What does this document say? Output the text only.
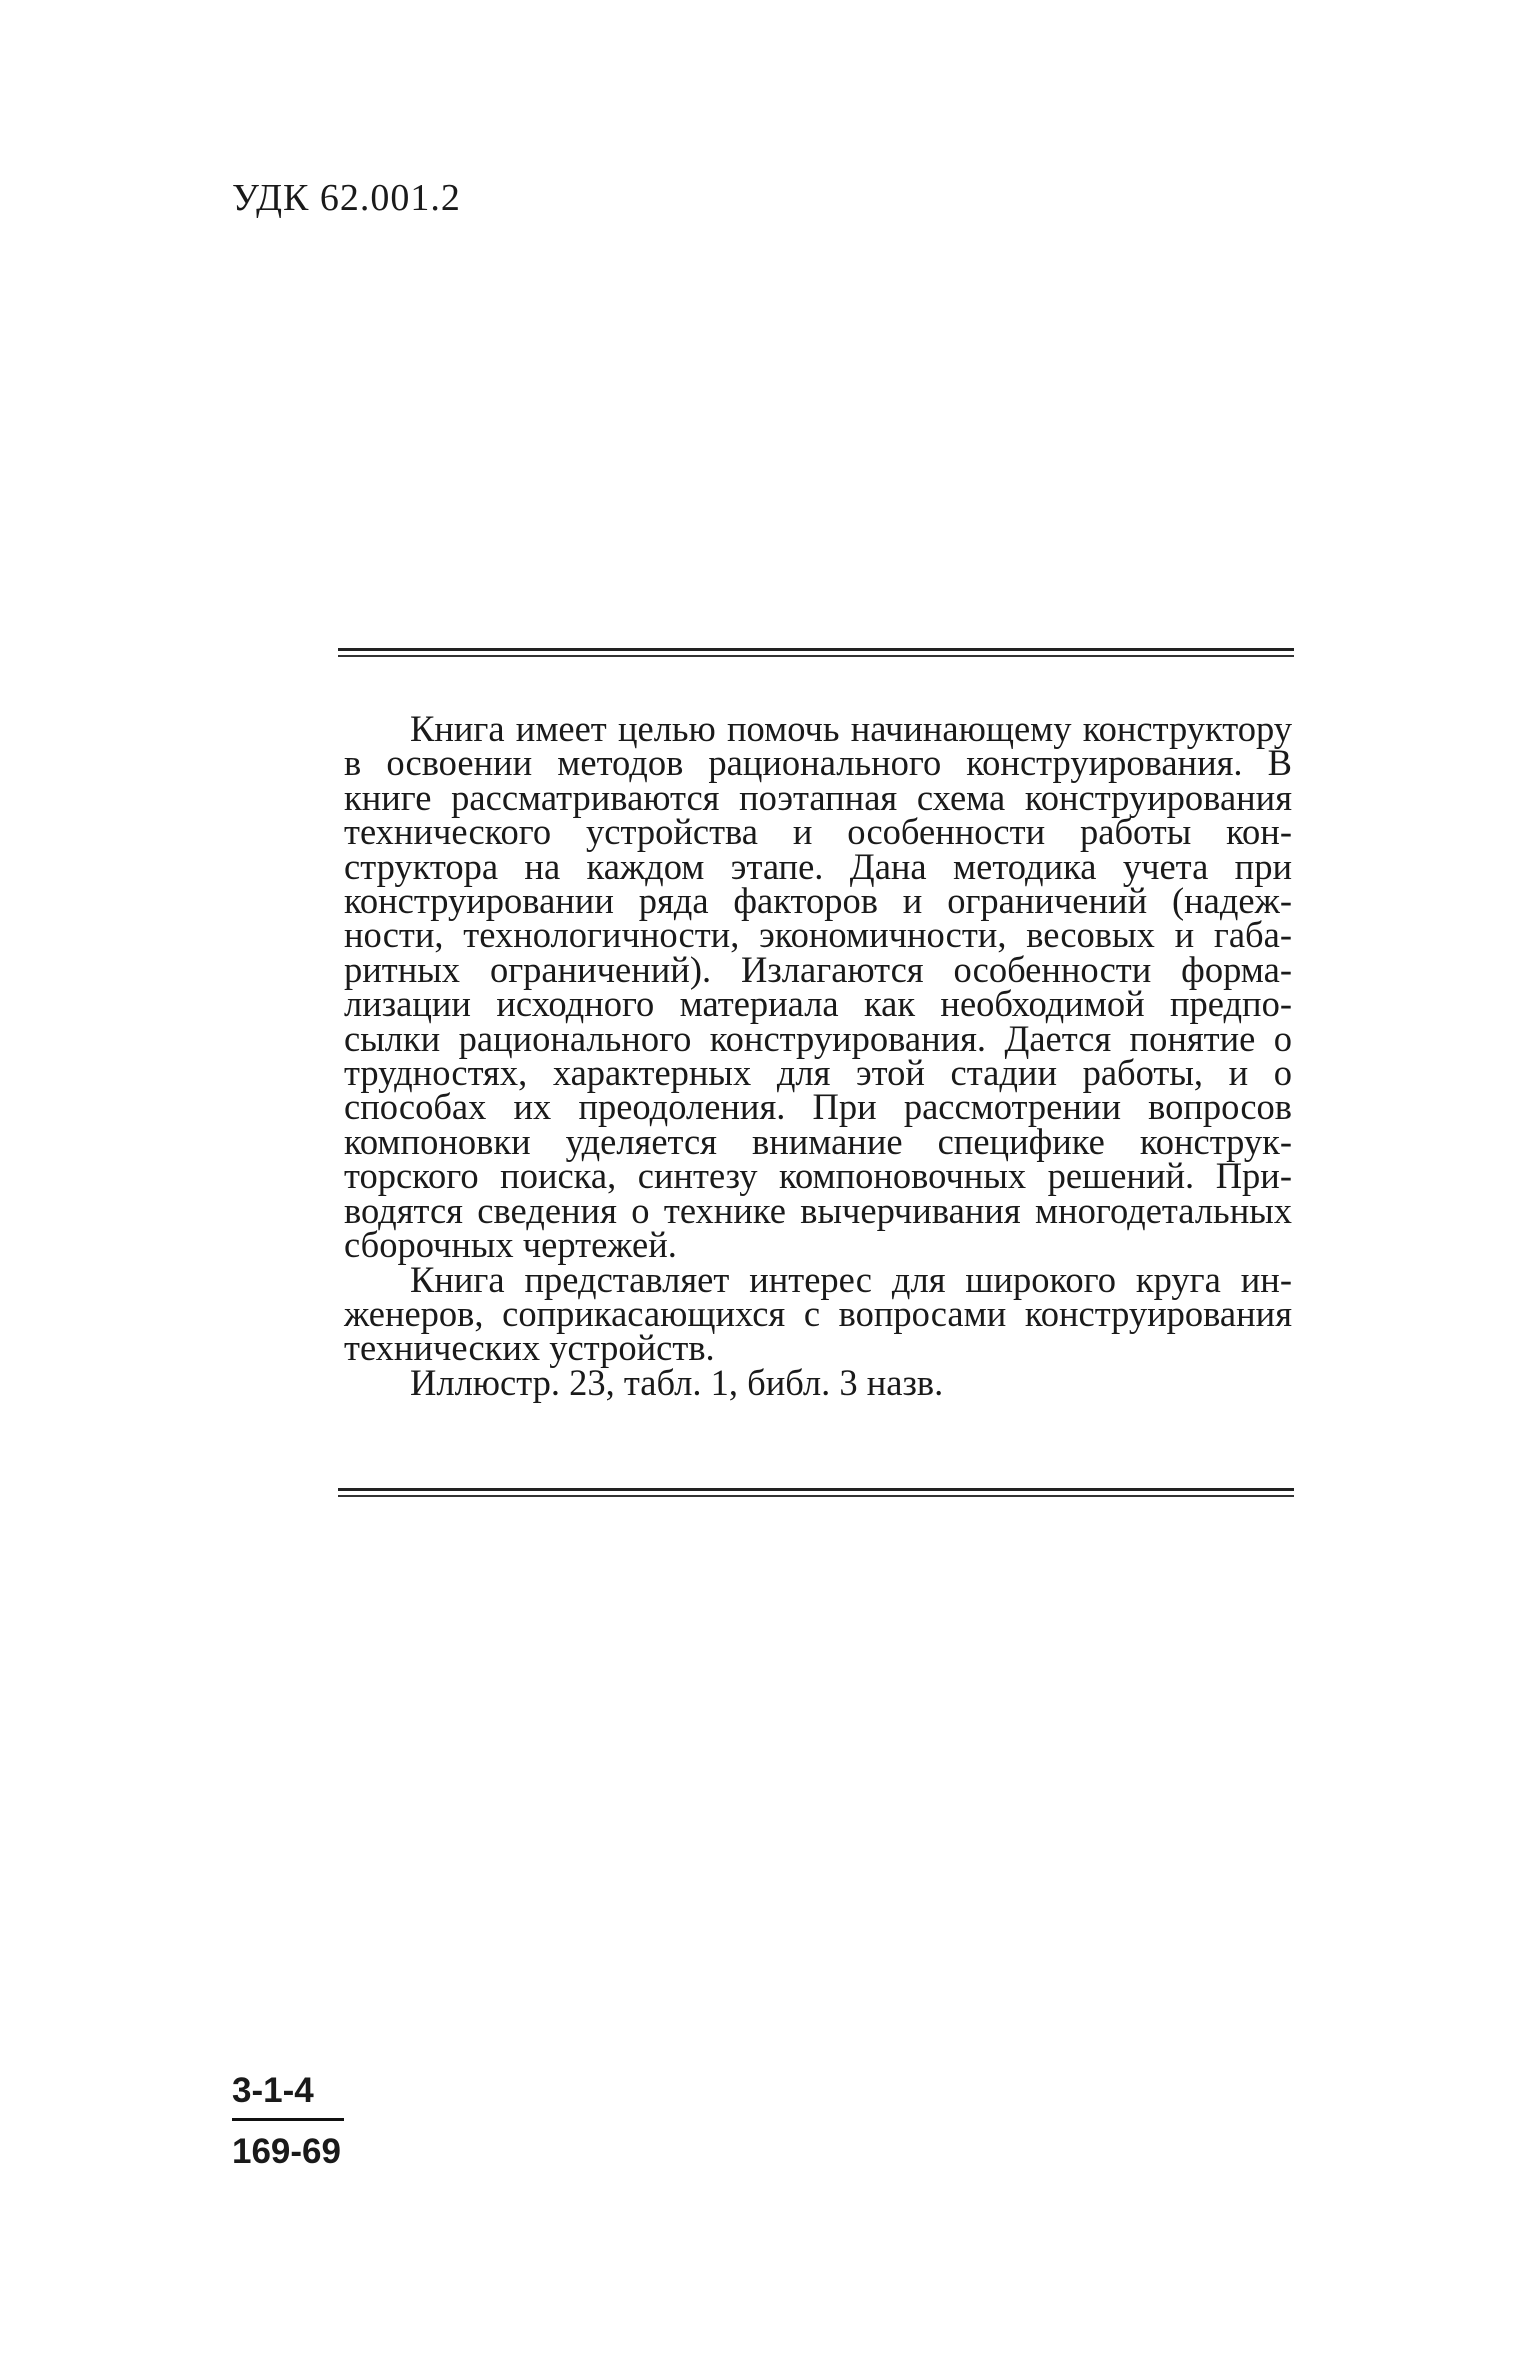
УДК 62.001.2

Книга имеет целью помочь начинающему конструктору в освоении методов рационального конструирования. В книге рассматриваются поэтапная схема конструирования технического устройства и особенности работы конструктора на каждом этапе. Дана методика учета при конструировании ряда факторов и ограничений (надежности, технологичности, экономичности, весовых и габаритных ограничений). Излагаются особенности формализации исходного материала как необходимой предпосылки рационального конструирования. Дается понятие о трудностях, характерных для этой стадии работы, и о способах их преодоления. При рассмотрении вопросов компоновки уделяется внимание специфике конструкторского поиска, синтезу компоновочных решений. Приводятся сведения о технике вычерчивания многодетальных сборочных чертежей.

Книга представляет интерес для широкого круга инженеров, соприкасающихся с вопросами конструирования технических устройств.

Иллюстр. 23, табл. 1, библ. 3 назв.

3-1-4
169-69
